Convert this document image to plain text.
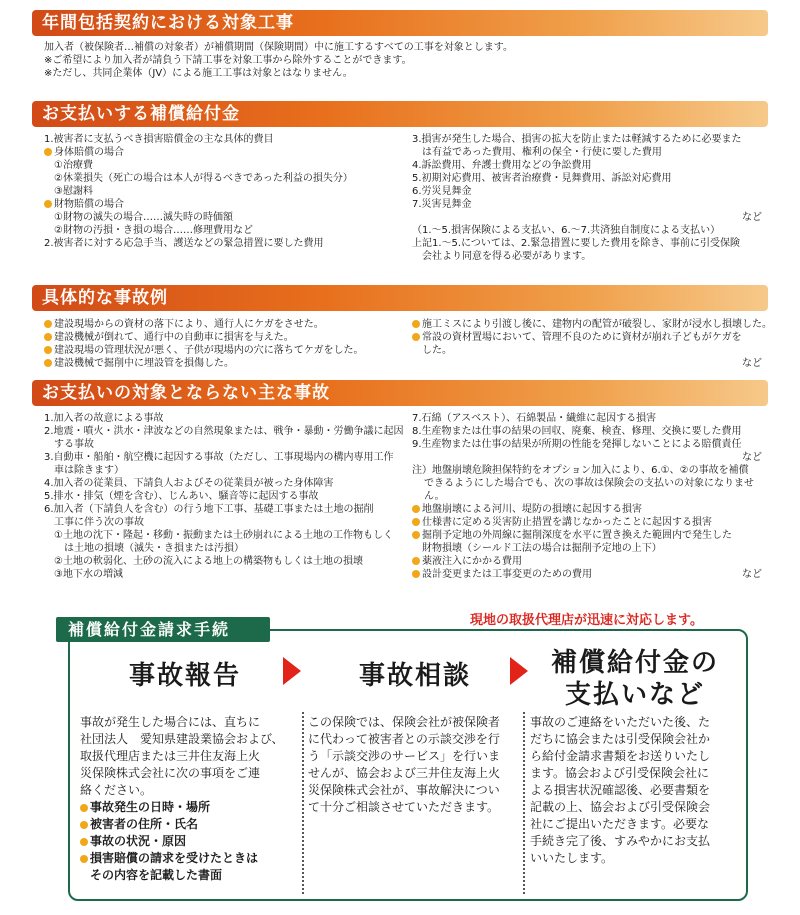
年間包括契約における対象工事
加入者（被保険者…補償の対象者）が補償期間（保険期間）中に施工するすべての工事を対象とします。
※ご希望により加入者が請負う下請工事を対象工事から除外することができます。
※ただし、共同企業体（JV）による施工工事は対象とはなりません。
お支払いする補償給付金
1.被害者に支払うべき損害賠償金の主な具体的費目
身体賠償の場合
①治療費
②休業損失（死亡の場合は本人が得るべきであった利益の損失分）
③慰謝料
財物賠償の場合
①財物の滅失の場合……滅失時の時価額
②財物の汚損・き損の場合……修理費用など
2.被害者に対する応急手当、護送などの緊急措置に要した費用
3.損害が発生した場合、損害の拡大を防止または軽減するために必要また
は有益であった費用、権利の保全・行使に要した費用
4.訴訟費用、弁護士費用などの争訟費用
5.初期対応費用、被害者治療費・見舞費用、訴訟対応費用
6.労災見舞金
7.災害見舞金
など
（1.～5.損害保険による支払い、6.～7.共済独自制度による支払い）
上記1.～5.については、2.緊急措置に要した費用を除き、事前に引受保険
会社より同意を得る必要があります。
具体的な事故例
建設現場からの資材の落下により、通行人にケガをさせた。
建設機械が倒れて、通行中の自動車に損害を与えた。
建設現場の管理状況が悪く、子供が現場内の穴に落ちてケガをした。
建設機械で掘削中に埋設管を損傷した。
施工ミスにより引渡し後に、建物内の配管が破裂し、家財が浸水し損壊した。
常設の資材置場において、管理不良のために資材が崩れ子どもがケガを
した。
など
お支払いの対象とならない主な事故
1.加入者の故意による事故
2.地震・噴火・洪水・津波などの自然現象または、戦争・暴動・労働争議に起因
する事故
3.自動車・船舶・航空機に起因する事故（ただし、工事現場内の構内専用工作
車は除きます）
4.加入者の従業員、下請負人およびその従業員が被った身体障害
5.排水・排気（煙を含む）、じんあい、騒音等に起因する事故
6.加入者（下請負人を含む）の行う地下工事、基礎工事または土地の掘削
工事に伴う次の事故
①土地の沈下・隆起・移動・振動または土砂崩れによる土地の工作物もしく
は土地の損壊（滅失・き損または汚損）
②土地の軟弱化、土砂の流入による地上の構築物もしくは土地の損壊
③地下水の増減
7.石綿（アスベスト）、石綿製品・繊維に起因する損害
8.生産物または仕事の結果の回収、廃棄、検査、修理、交換に要した費用
9.生産物または仕事の結果が所期の性能を発揮しないことによる賠償責任
など
注）地盤崩壊危険担保特約をオプション加入により、6.①、②の事故を補償
できるようにした場合でも、次の事故は保険会の支払いの対象になりませ
ん。
地盤崩壊による河川、堤防の損壊に起因する損害
仕様書に定める災害防止措置を講じなかったことに起因する損害
掘削予定地の外周線に掘削深度を水平に置き換えた範囲内で発生した
財物損壊（シールド工法の場合は掘削予定地の上下）
薬液注入にかかる費用
設計変更または工事変更のための費用	など
現地の取扱代理店が迅速に対応します。
補償給付金請求手続
事故報告	事故相談	補償給付金の
支払いなど
事故が発生した場合には、直ちに
社団法人　愛知県建設業協会および、
取扱代理店または三井住友海上火
災保険株式会社に次の事項をご連
絡ください。
事故発生の日時・場所
被害者の住所・氏名
事故の状況・原因
損害賠償の請求を受けたときは
その内容を記載した書面
この保険では、保険会社が被保険者
に代わって被害者との示談交渉を行
う「示談交渉のサービス」を行いま
せんが、協会および三井住友海上火
災保険株式会社が、事故解決につい
て十分ご相談させていただきます。
事故のご連絡をいただいた後、た
だちに協会または引受保険会社か
ら給付金請求書類をお送りいたし
ます。協会および引受保険会社に
よる損害状況確認後、必要書類を
記載の上、協会および引受保険会
社にご提出いただきます。必要な
手続き完了後、すみやかにお支払
いいたします。
